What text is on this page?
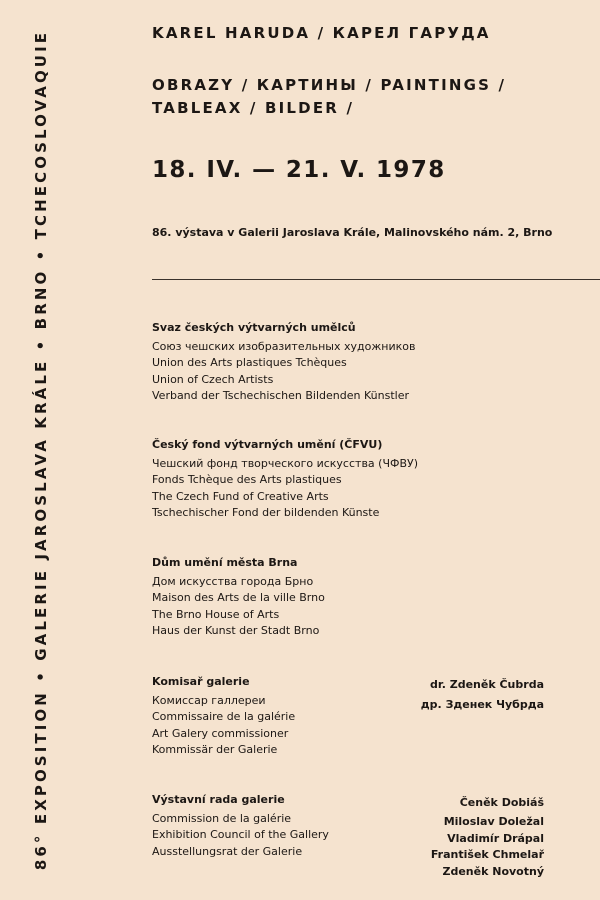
86° EXPOSITION • GALERIE JAROSLAVA KRÁLE • BRNO • TCHECOSLOVAQUIE	KAREL HARUDA / КАРЕЛ ГАРУДА
OBRAZY / КАРТИНЫ / PAINTINGS /
TABLEAX / BILDER /
18. IV. — 21. V. 1978
86. výstava v Galerii Jaroslava Krále, Malinovského nám. 2, Brno
Svaz českých výtvarných umělců
Союз чешских изобразительных художников
Union des Arts plastiques Tchèques
Union of Czech Artists
Verband der Tschechischen Bildenden Künstler
Český fond výtvarných umění (ČFVU)
Чешский фонд творческого искусства (ЧФВУ)
Fonds Tchèque des Arts plastiques
The Czech Fund of Creative Arts
Tschechischer Fond der bildenden Künste
Dům umění města Brna
Дом искусства города Брно
Maison des Arts de la ville Brno
The Brno House of Arts
Haus der Kunst der Stadt Brno
Komisař galerie
Комиссар галлереи
Commissaire de la galérie
Art Galery commissioner
Kommissär der Galerie
dr. Zdeněk Čubrda
др. Зденек Чубрда
Výstavní rada galerie
Commission de la galérie
Exhibition Council of the Gallery
Ausstellungsrat der Galerie
Čeněk Dobiáš
Miloslav Doležal
Vladimír Drápal
František Chmelař
Zdeněk Novotný
